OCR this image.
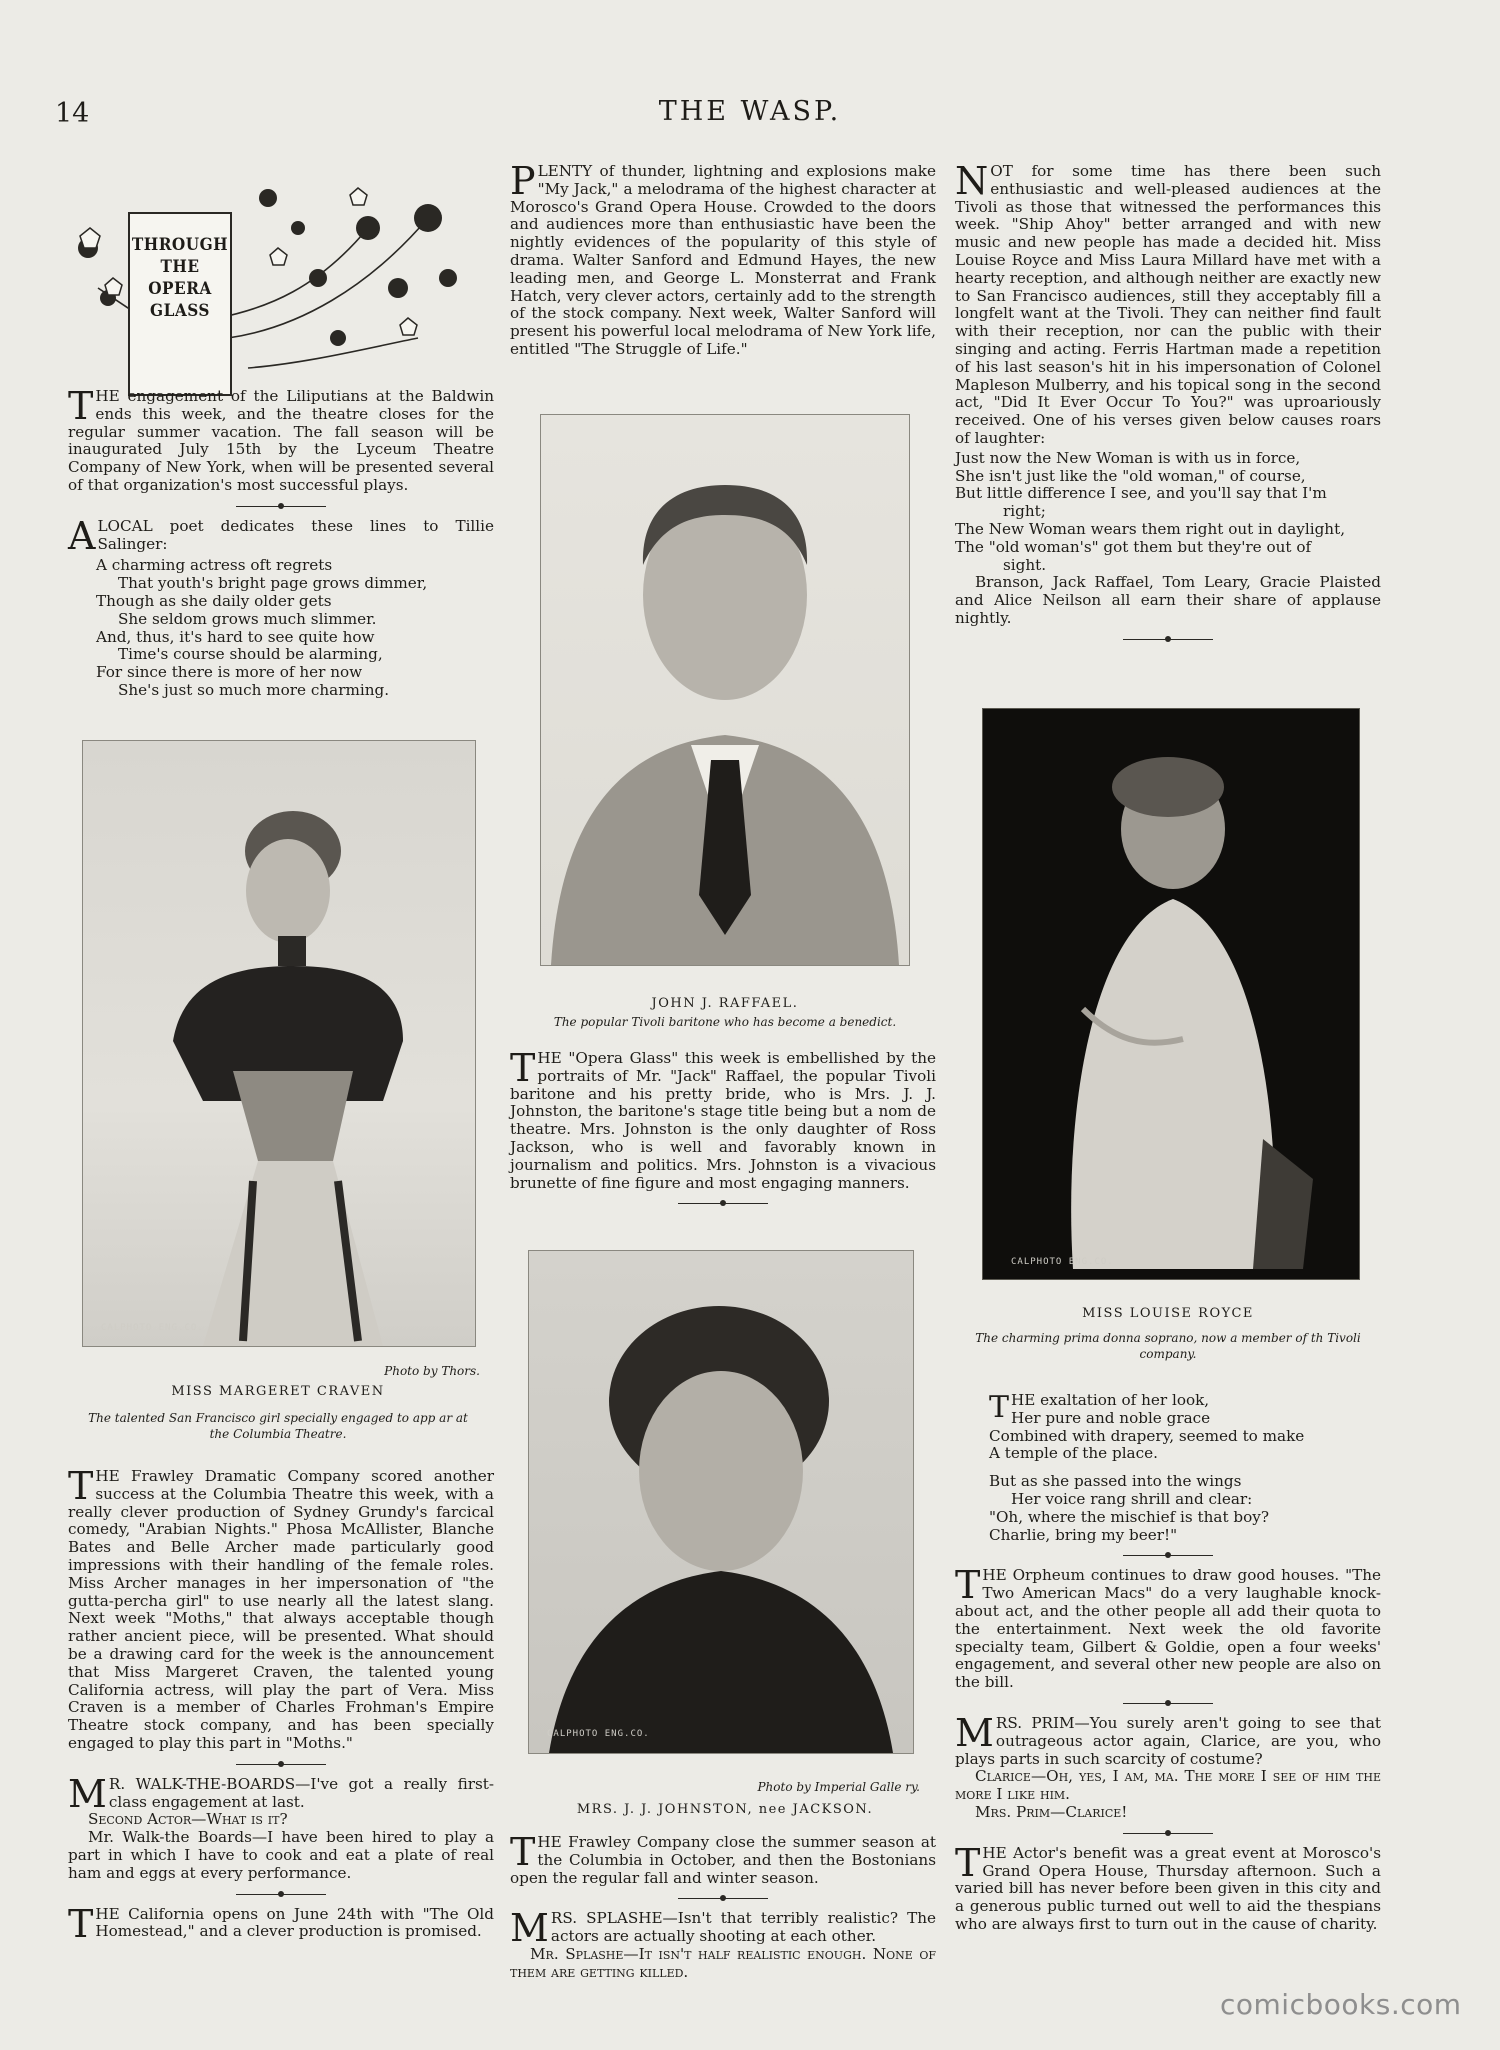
14	THE WASP.
THROUGH
THE
OPERA
GLASS

THE engagement of the Liliputians at the Baldwin ends this week, and the theatre closes for the regular summer vacation. The fall season will be inaugurated July 15th by the Lyceum Theatre Company of New York, when will be presented several of that organization's most successful plays.

ALOCAL poet dedicates these lines to Tillie Salinger:

A charming actress oft regrets
That youth's bright page grows dimmer,
Though as she daily older gets
She seldom grows much slimmer.
And, thus, it's hard to see quite how
Time's course should be alarming,
For since there is more of her now
She's just so much more charming.
CALPHOTO ENG.CO.
Photo by Thors.
MISS MARGERET CRAVEN
The talented San Francisco girl specially engaged to app ar at the Columbia Theatre.

THE Frawley Dramatic Company scored another success at the Columbia Theatre this week, with a really clever production of Sydney Grundy's farcical comedy, "Arabian Nights." Phosa McAllister, Blanche Bates and Belle Archer made particularly good impressions with their handling of the female roles. Miss Archer manages in her impersonation of "the gutta-percha girl" to use nearly all the latest slang. Next week "Moths," that always acceptable though rather ancient piece, will be presented. What should be a drawing card for the week is the announcement that Miss Margeret Craven, the talented young California actress, will play the part of Vera. Miss Craven is a member of Charles Frohman's Empire Theatre stock company, and has been specially engaged to play this part in "Moths."

M R. WALK-THE-BOARDS—I've got a really first-class engagement at last.

Second Actor—What is it?

Mr. Walk-the Boards—I have been hired to play a part in which I have to cook and eat a plate of real ham and eggs at every performance.

THE California opens on June 24th with "The Old Homestead," and a clever production is promised.

PLENTY of thunder, lightning and explosions make "My Jack," a melodrama of the highest character at Morosco's Grand Opera House. Crowded to the doors and audiences more than enthusiastic have been the nightly evidences of the popularity of this style of drama. Walter Sanford and Edmund Hayes, the new leading men, and George L. Monsterrat and Frank Hatch, very clever actors, certainly add to the strength of the stock company. Next week, Walter Sanford will present his powerful local melodrama of New York life, entitled "The Struggle of Life."

JOHN J. RAFFAEL.
The popular Tivoli baritone who has become a benedict.

THE "Opera Glass" this week is embellished by the portraits of Mr. "Jack" Raffael, the popular Tivoli baritone and his pretty bride, who is Mrs. J. J. Johnston, the baritone's stage title being but a nom de theatre. Mrs. Johnston is the only daughter of Ross Jackson, who is well and favorably known in journalism and politics. Mrs. Johnston is a vivacious brunette of fine figure and most engaging manners.

CALPHOTO ENG.CO.
Photo by Imperial Galle ry.
MRS. J. J. JOHNSTON, nee JACKSON.

THE Frawley Company close the summer season at the Columbia in October, and then the Bostonians open the regular fall and winter season.

MRS. SPLASHE—Isn't that terribly realistic? The actors are actually shooting at each other.

Mr. Splashe—It isn't half realistic enough. None of them are getting killed.

NOT for some time has there been such enthusiastic and well-pleased audiences at the Tivoli as those that witnessed the performances this week. "Ship Ahoy" better arranged and with new music and new people has made a decided hit. Miss Louise Royce and Miss Laura Millard have met with a hearty reception, and although neither are exactly new to San Francisco audiences, still they acceptably fill a longfelt want at the Tivoli. They can neither find fault with their reception, nor can the public with their singing and acting. Ferris Hartman made a repetition of his last season's hit in his impersonation of Colonel Mapleson Mulberry, and his topical song in the second act, "Did It Ever Occur To You?" was uproariously received. One of his verses given below causes roars of laughter:

Just now the New Woman is with us in force,
She isn't just like the "old woman," of course,
But little difference I see, and you'll say that I'm
right;
The New Woman wears them right out in daylight,
The "old woman's" got them but they're out of
sight.

Branson, Jack Raffael, Tom Leary, Gracie Plaisted and Alice Neilson all earn their share of applause nightly.

CALPHOTO ENG.CO.
MISS LOUISE ROYCE
The charming prima donna soprano, now a member of th Tivoli company.
THE exaltation of her look,
Her pure and noble grace
Combined with drapery, seemed to make
A temple of the place.
But as she passed into the wings
Her voice rang shrill and clear:
"Oh, where the mischief is that boy?
Charlie, bring my beer!"

THE Orpheum continues to draw good houses. "The Two American Macs" do a very laughable knock-about act, and the other people all add their quota to the entertainment. Next week the old favorite specialty team, Gilbert & Goldie, open a four weeks' engagement, and several other new people are also on the bill.

MRS. PRIM—You surely aren't going to see that outrageous actor again, Clarice, are you, who plays parts in such scarcity of costume?

Clarice—Oh, yes, I am, ma. The more I see of him the more I like him.

Mrs. Prim—Clarice!

THE Actor's benefit was a great event at Morosco's Grand Opera House, Thursday afternoon. Such a varied bill has never before been given in this city and a generous public turned out well to aid the thespians who are always first to turn out in the cause of charity.

comicbooks.com
